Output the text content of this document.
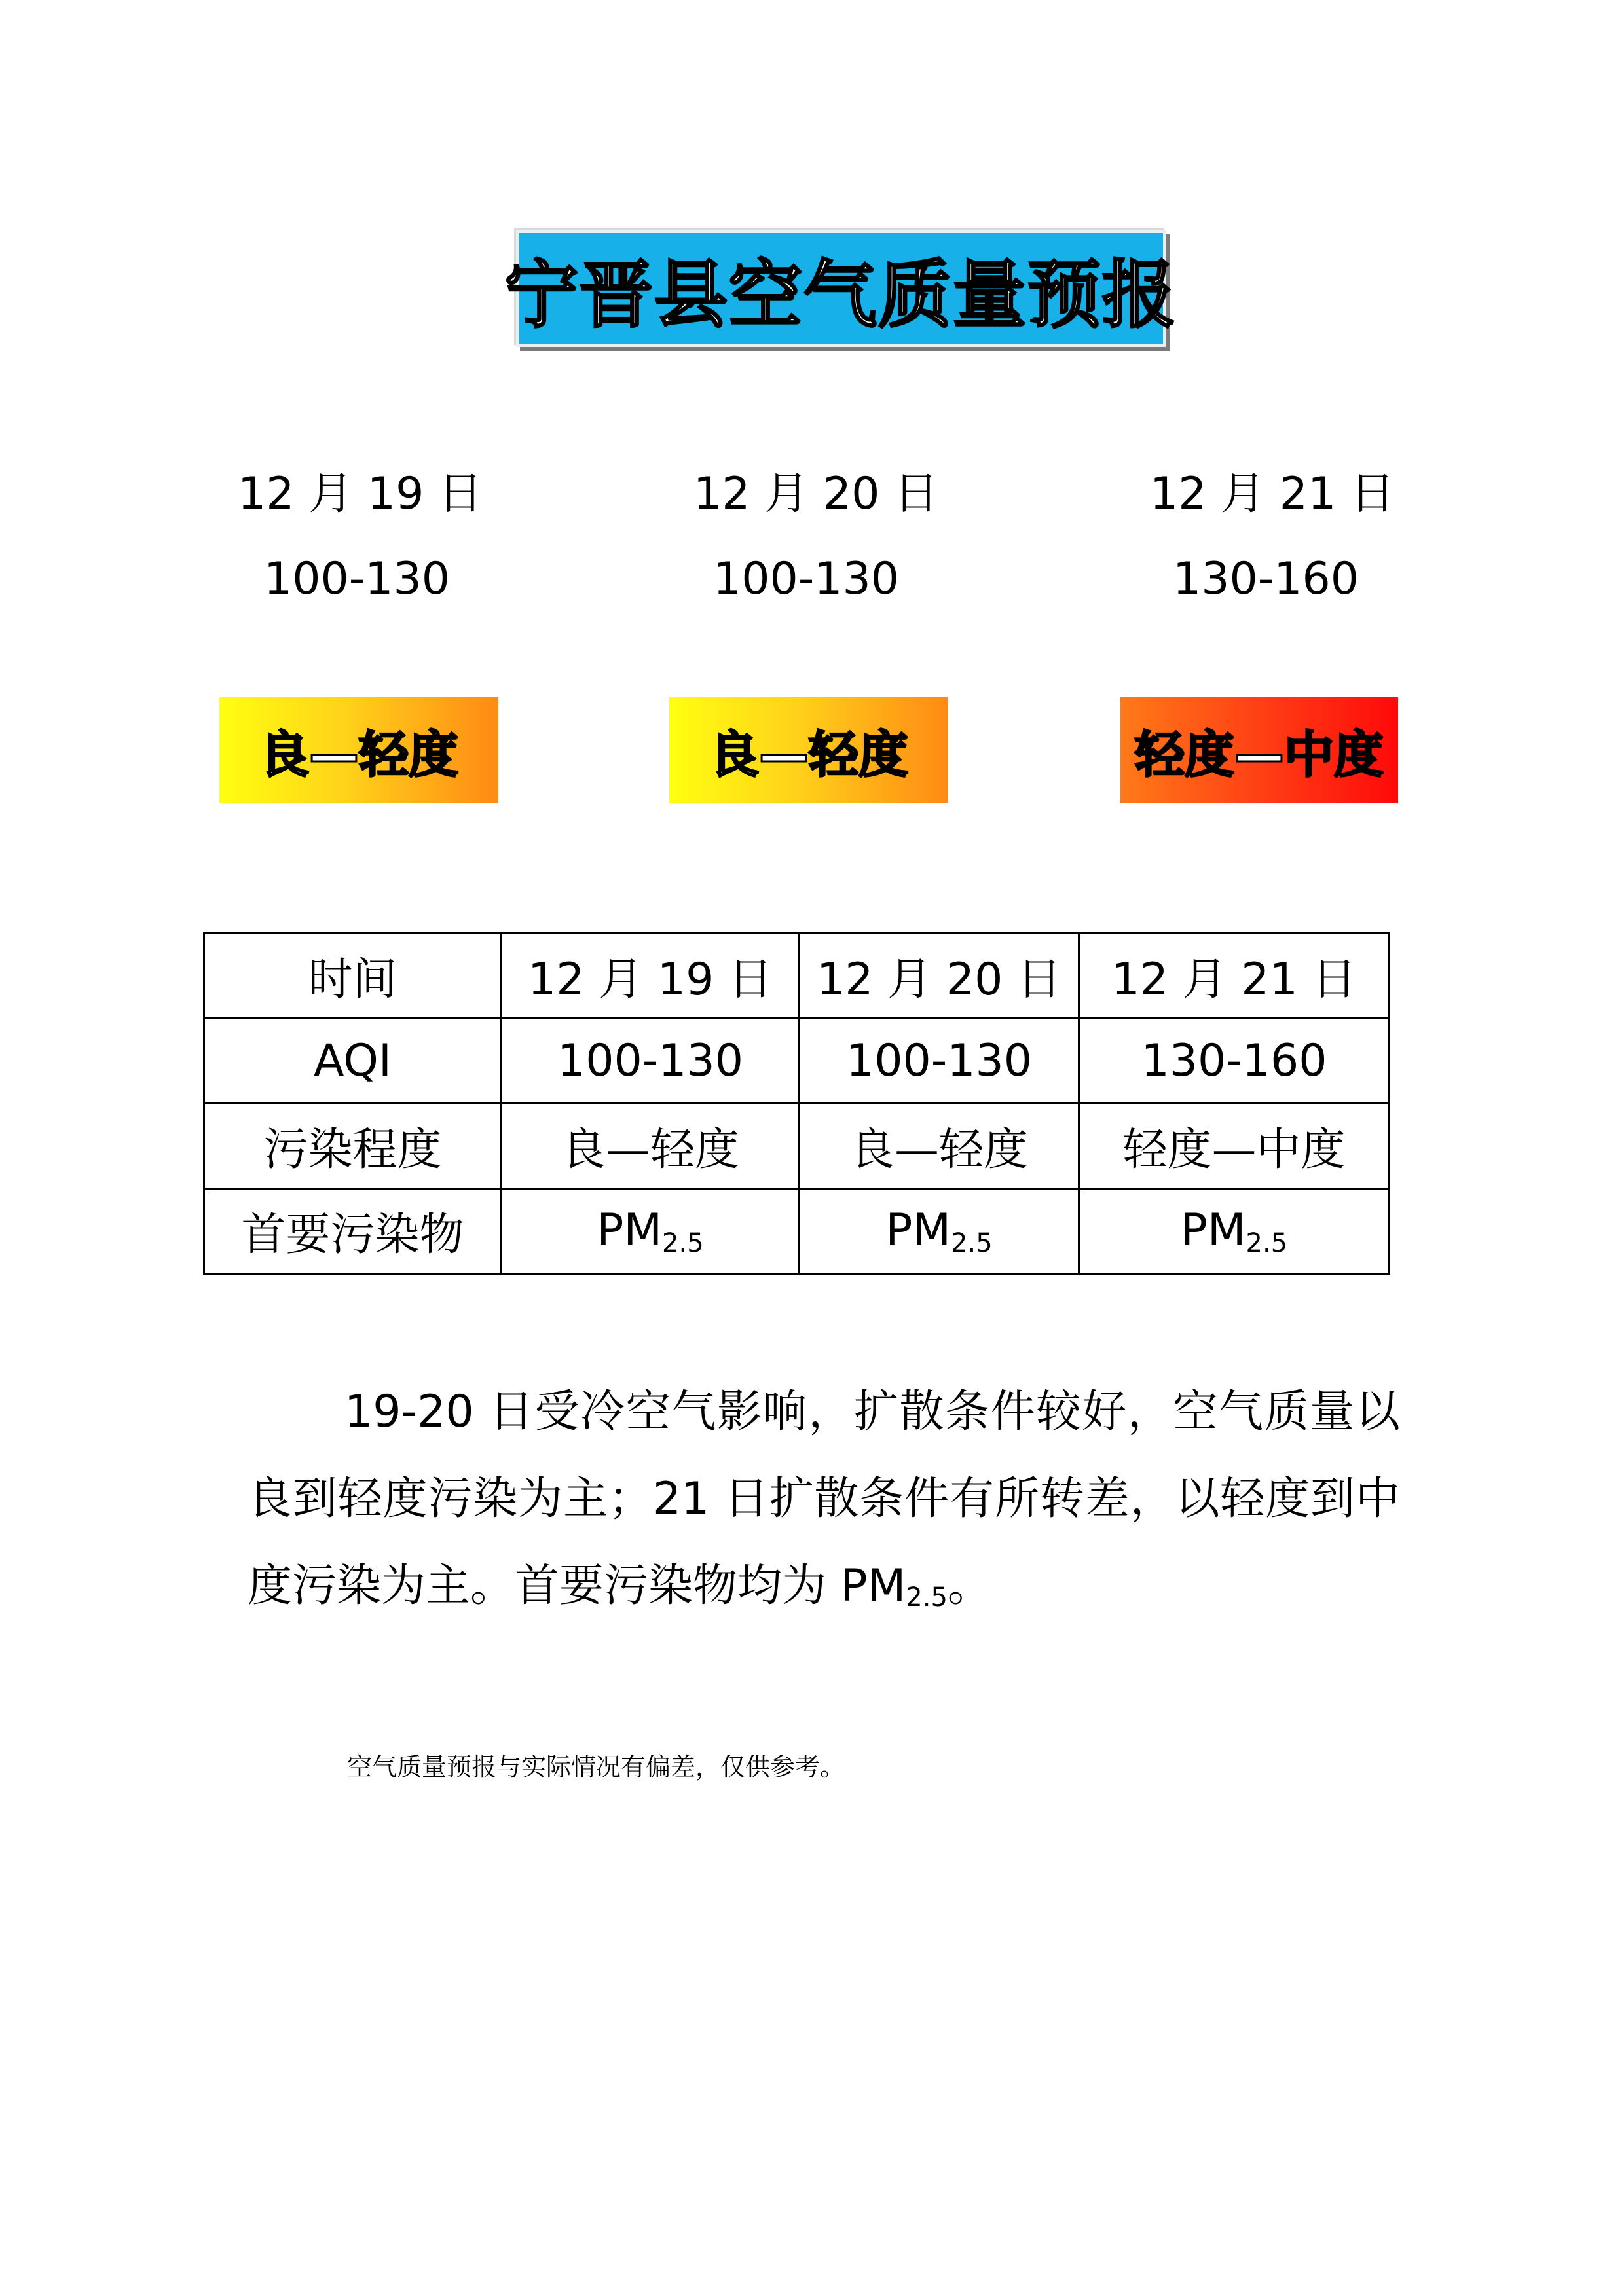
宁晋县空气质量预报
12 月 19 日
100-130
12 月 20 日
100-130
12 月 21 日
130-160
良—轻度	良—轻度	轻度—中度
时间	12 月 19 日	12 月 20 日	12 月 21 日
AQI	100-130	100-130	130-160
污染程度	良—轻度	良—轻度	轻度—中度
首要污染物	$PM_{2.5}$	$PM_{2.5}$	$PM_{2.5}$
19-20 日受冷空气影响，扩散条件较好，空气质量以良到轻度污染为主；21 日扩散条件有所转差，以轻度到中度污染为主。首要污染物均为 $PM_{2.5}$。
空气质量预报与实际情况有偏差，仅供参考。
